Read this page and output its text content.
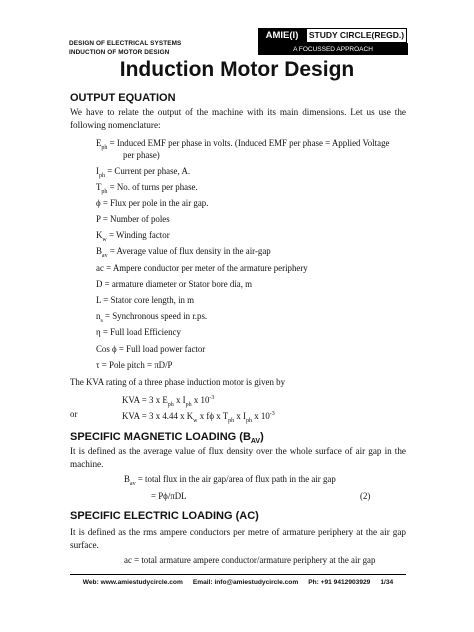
DESIGN OF ELECTRICAL SYSTEMS
INDUCTION OF MOTOR DESIGN
AMIE(I)	STUDY CIRCLE(REGD.)
A FOCUSSED APPROACH
Induction Motor Design
OUTPUT EQUATION
We have to relate the output of the machine with its main dimensions. Let us use the following nomenclature:
$E_{ph}$ = Induced EMF per phase in volts. (Induced EMF per phase = Applied Voltage
per phase)
$I_{ph}$ = Current per phase, A.
$T_{ph} = No$. of turns per phase.
ϕ = Flux per pole in the air gap.
P = Number of poles
$K_w$ = Winding factor
$B_{av}$ = Average value of flux density in the air-gap
ac = Ampere conductor per meter of the armature periphery
D = armature diameter or Stator bore dia, m
L = Stator core length, in m
$n_s$ = Synchronous speed in r.ps.
η = Full load Efficiency
Cos ϕ = Full load power factor
τ = Pole pitch = πD/P
The KVA rating of a three phase induction motor is given by
KVA = 3 x $E_{ph}$ x $I_{ph}$ x $10^{-3}$
or	KVA = 3 x 4.44 x $K_w$ x fϕ x $T_{ph}$ x $I_{ph}$ x $10^{-3}$
SPECIFIC MAGNETIC LOADING $(B_{AV})$
It is defined as the average value of flux density over the whole surface of air gap in the machine.
$B_{av}$ = total flux in the air gap/area of flux path in the air gap
= Pϕ/πDL	(2)
SPECIFIC ELECTRIC LOADING (AC)
It is defined as the rms ampere conductors per metre of armature periphery at the air gap surface.
ac = total armature ampere conductor/armature periphery at the air gap
Web: www.amiestudycircle.com Email: info@amiestudycircle.com Ph: +91 9412903929 1/34
